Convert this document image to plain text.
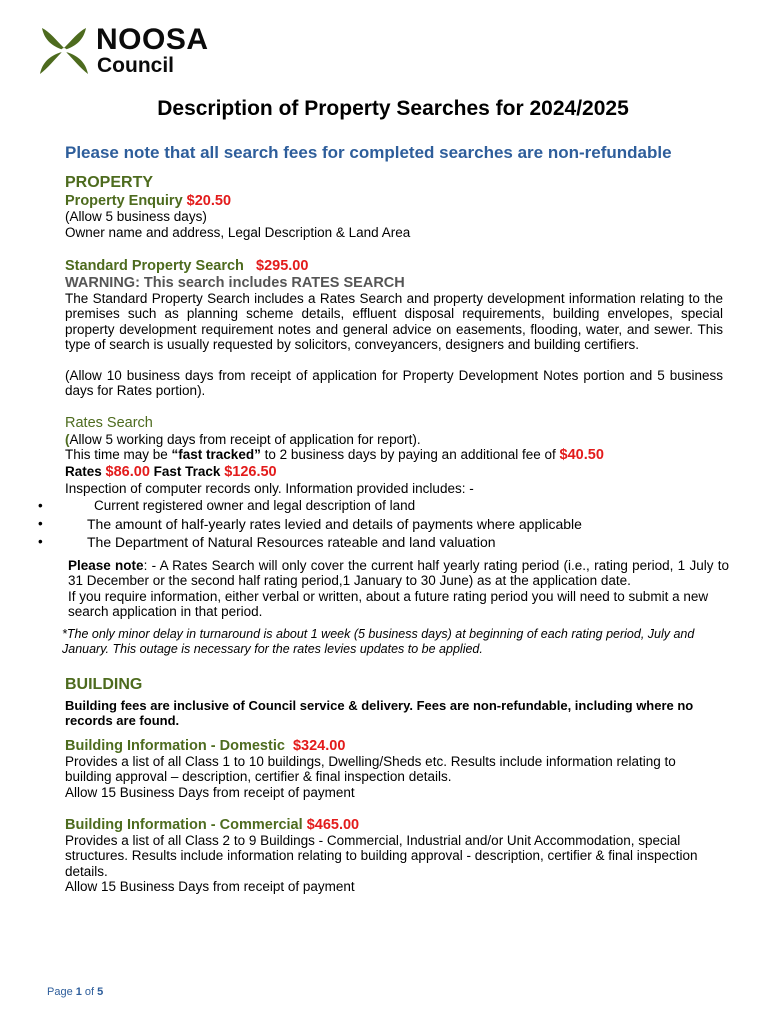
NOOSA
Council
Description of Property Searches for 2024/2025
Please note that all search fees for completed searches are non-refundable
PROPERTY
Property Enquiry $20.50
(Allow 5 business days)
Owner name and address, Legal Description & Land Area
Standard Property Search $295.00
WARNING: This search includes RATES SEARCH
The Standard Property Search includes a Rates Search and property development information relating to the premises such as planning scheme details, effluent disposal requirements, building envelopes, special property development requirement notes and general advice on easements, flooding, water, and sewer. This type of search is usually requested by solicitors, conveyancers, designers and building certifiers.
(Allow 10 business days from receipt of application for Property Development Notes portion and 5 business days for Rates portion).
Rates Search
(Allow 5 working days from receipt of application for report).
This time may be “fast tracked” to 2 business days by paying an additional fee of $40.50
Rates $86.00 Fast Track $126.50
Inspection of computer records only. Information provided includes: -
•	Current registered owner and legal description of land
•	The amount of half-yearly rates levied and details of payments where applicable
•	The Department of Natural Resources rateable and land valuation
Please note: - A Rates Search will only cover the current half yearly rating period (i.e., rating period, 1 July to 31 December or the second half rating period,1 January to 30 June) as at the application date.
If you require information, either verbal or written, about a future rating period you will need to submit a new search application in that period.
*The only minor delay in turnaround is about 1 week (5 business days) at beginning of each rating period, July and January. This outage is necessary for the rates levies updates to be applied.
BUILDING
Building fees are inclusive of Council service & delivery. Fees are non-refundable, including where no records are found.
Building Information - Domestic $324.00
Provides a list of all Class 1 to 10 buildings, Dwelling/Sheds etc. Results include information relating to building approval – description, certifier & final inspection details.
Allow 15 Business Days from receipt of payment
Building Information - Commercial $465.00
Provides a list of all Class 2 to 9 Buildings - Commercial, Industrial and/or Unit Accommodation, special structures. Results include information relating to building approval - description, certifier & final inspection details.
Allow 15 Business Days from receipt of payment
Page 1 of 5
